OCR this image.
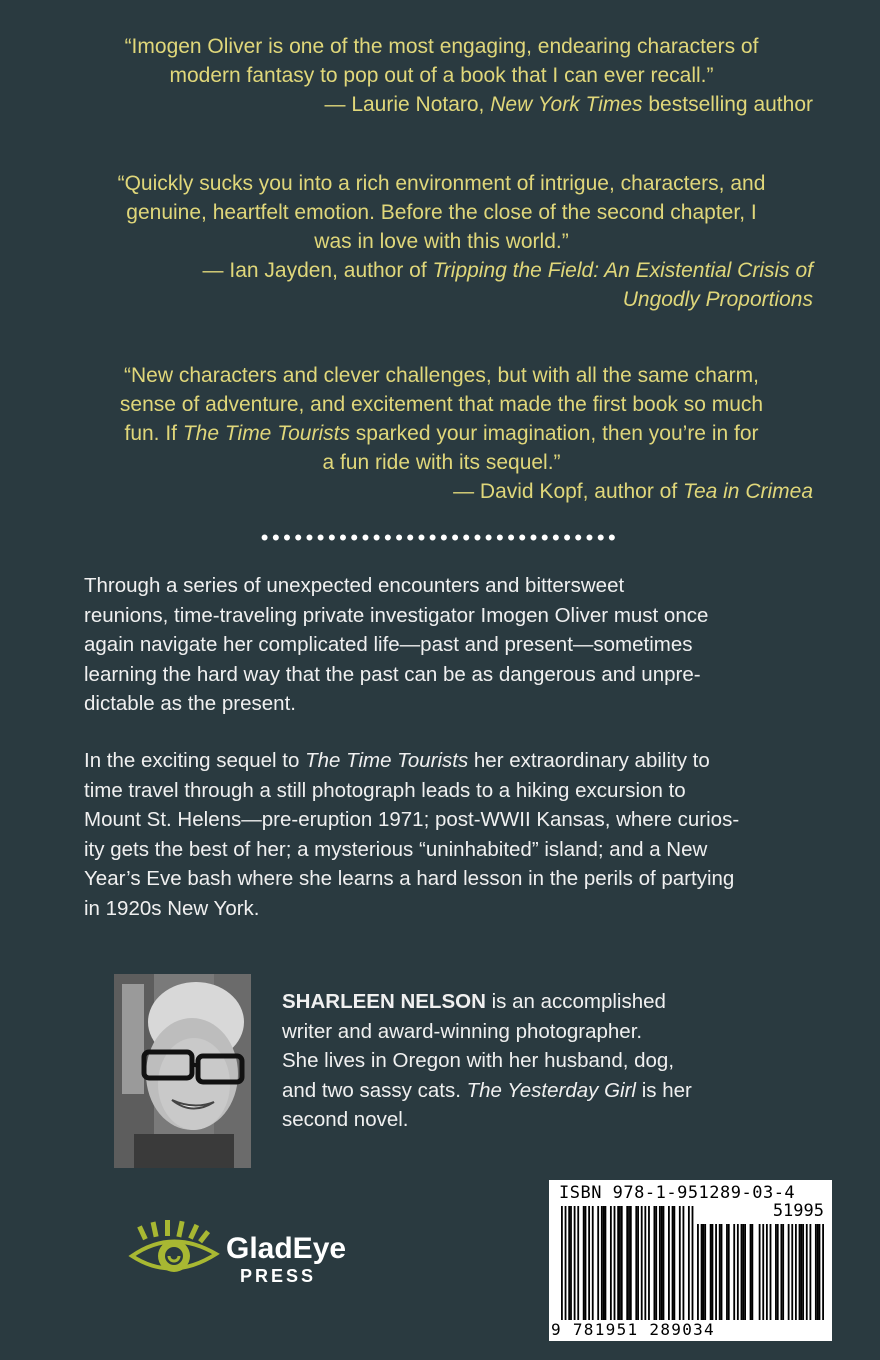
“Imogen Oliver is one of the most engaging, endearing characters of

modern fantasy to pop out of a book that I can ever recall.”

— Laurie Notaro, New York Times bestselling author

“Quickly sucks you into a rich environment of intrigue, characters, and

genuine, heartfelt emotion. Before the close of the second chapter, I

was in love with this world.”

— Ian Jayden, author of Tripping the Field: An Existential Crisis of

Ungodly Proportions

“New characters and clever challenges, but with all the same charm,

sense of adventure, and excitement that made the first book so much

fun. If The Time Tourists sparked your imagination, then you’re in for

a fun ride with its sequel.”

— David Kopf, author of Tea in Crimea

••••••••••••••••••••••••••••••••

Through a series of unexpected encounters and bittersweet

reunions, time-traveling private investigator Imogen Oliver must once

again navigate her complicated life—past and present—sometimes

learning the hard way that the past can be as dangerous and unpre-

dictable as the present.

In the exciting sequel to The Time Tourists her extraordinary ability to

time travel through a still photograph leads to a hiking excursion to

Mount St. Helens—pre-eruption 1971; post-WWII Kansas, where curios-

ity gets the best of her; a mysterious “uninhabited” island; and a New

Year’s Eve bash where she learns a hard lesson in the perils of partying

in 1920s New York.

SHARLEEN NELSON is an accomplished
writer and award-winning photographer.
She lives in Oregon with her husband, dog,
and two sassy cats. The Yesterday Girl is her
second novel.
GladEye
PRESS
ISBN 978-1-951289-03-4
51995
9 781951 289034
